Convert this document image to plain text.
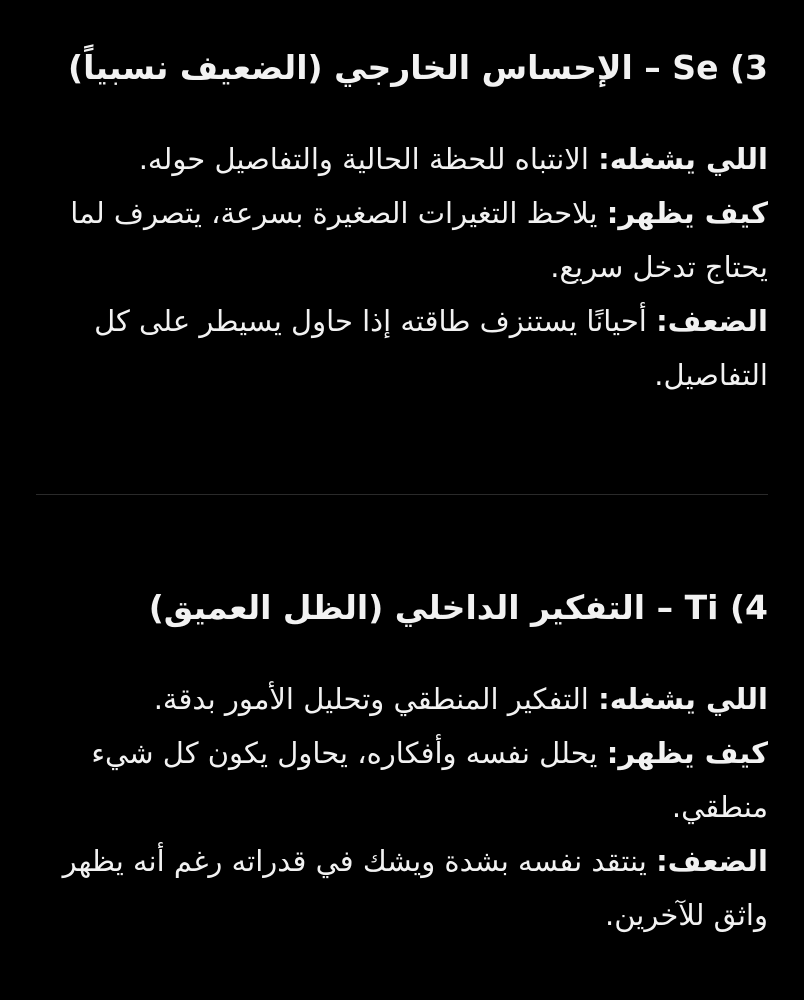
3) Se – الإحساس الخارجي (الضعيف نسبياً)

اللي يشغله: الانتباه للحظة الحالية والتفاصيل حوله.

كيف يظهر: يلاحظ التغيرات الصغيرة بسرعة، يتصرف لما يحتاج تدخل سريع.

الضعف: أحيانًا يستنزف طاقته إذا حاول يسيطر على كل التفاصيل.

4) Ti – التفكير الداخلي (الظل العميق)

اللي يشغله: التفكير المنطقي وتحليل الأمور بدقة.

كيف يظهر: يحلل نفسه وأفكاره، يحاول يكون كل شيء منطقي.

الضعف: ينتقد نفسه بشدة ويشك في قدراته رغم أنه يظهر واثق للآخرين.
